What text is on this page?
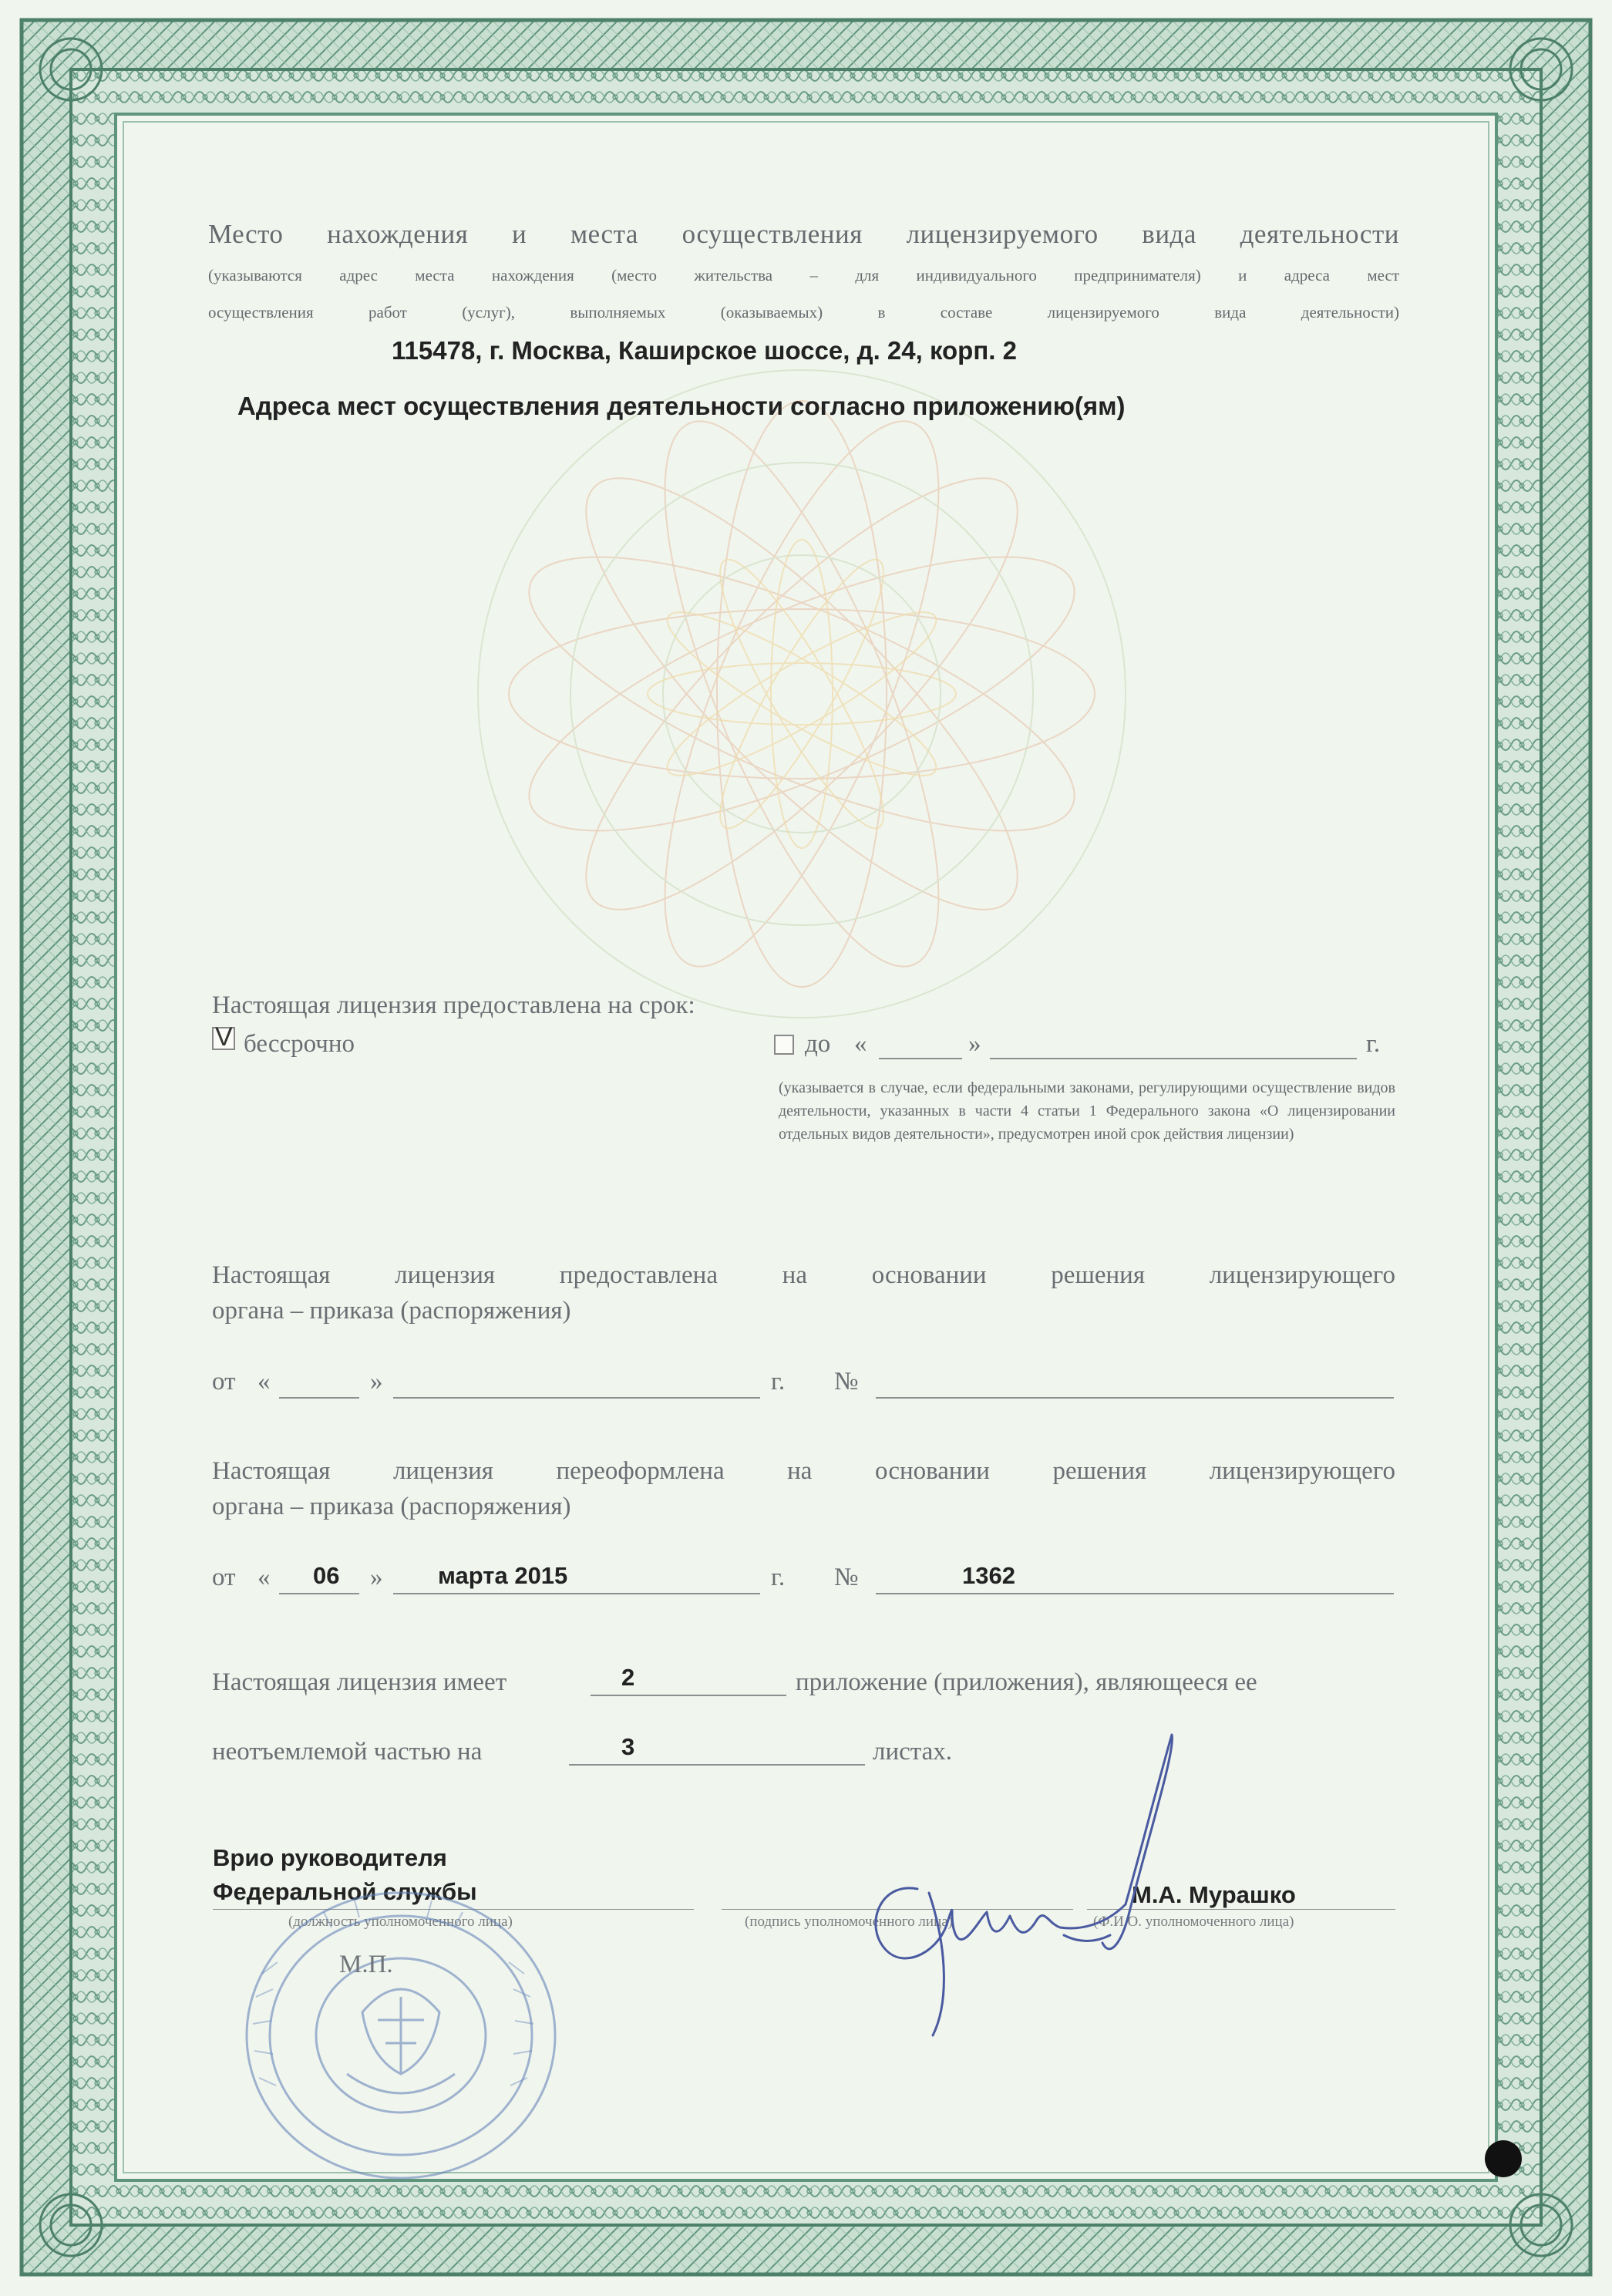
Место нахождения и места осуществления лицензируемого вида деятельности
(указываются адрес места нахождения (место жительства – для индивидуального предпринимателя) и адреса мест
осуществления работ (услуг), выполняемых (оказываемых) в составе лицензируемого вида деятельности)
115478, г. Москва, Каширское шоссе, д. 24, корп. 2
Адреса мест осуществления деятельности согласно приложению(ям)
Настоящая лицензия предоставлена на срок:
V бессрочно	до «	»	г.
(указывается в случае, если федеральными законами, регулирующими осуществление видов деятельности, указанных в части 4 статьи 1 Федерального закона «О лицензировании отдельных видов деятельности», предусмотрен иной срок действия лицензии)
Настоящая лицензия предоставлена на основании решения лицензирующего
органа – приказа (распоряжения)
от «	»	г. №
Настоящая лицензия переоформлена на основании решения лицензирующего
органа – приказа (распоряжения)
от « 06 » марта 2015	г. №	1362
Настоящая лицензия имеет	2	приложение (приложения), являющееся ее
неотъемлемой частью на	3	листах.
Врио руководителя
Федеральной службы
(должность уполномоченного лица)	(подпись уполномоченного лица)
М.А. Мурашко
(Ф.И.О. уполномоченного лица)
М.П.
